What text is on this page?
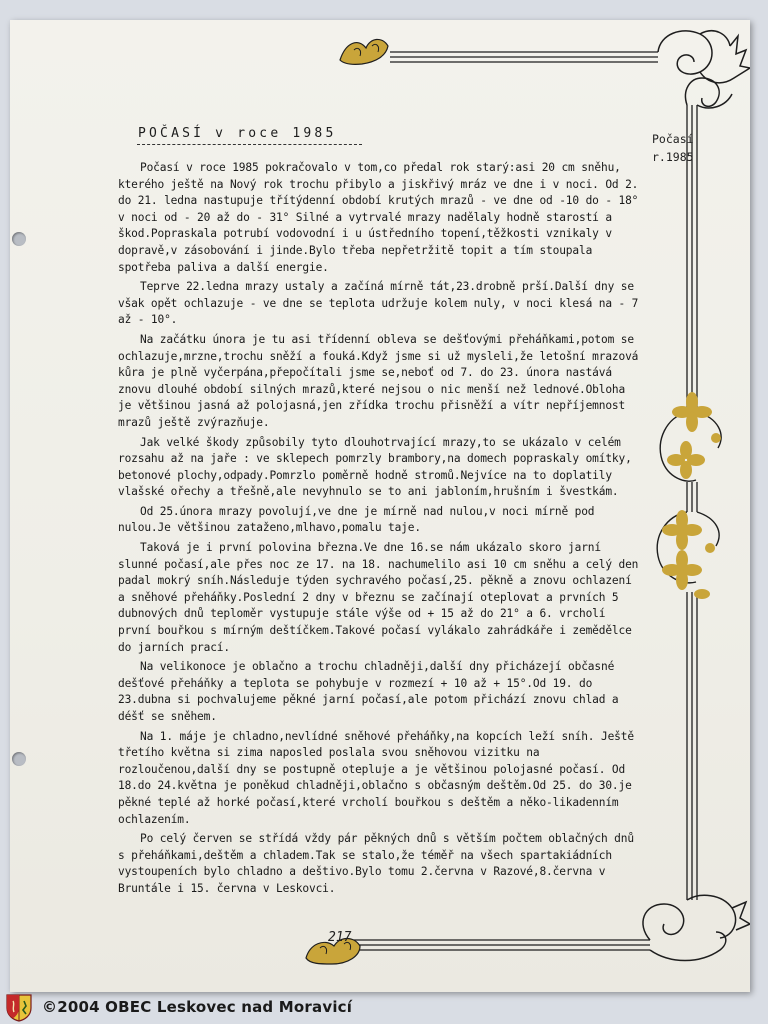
POČASÍ v roce 1985	Počasí
r.1985

Počasí v roce 1985 pokračovalo v tom,co předal rok starý:asi 20 cm sněhu, kterého ještě na Nový rok trochu přibylo a jiskřivý mráz ve dne i v noci. Od 2. do 21. ledna nastupuje třítýdenní období krutých mrazů - ve dne od -10 do - 18° v noci od - 20 až do - 31° Silné a vytrvalé mrazy nadělaly hodně starostí a škod.Popraskala potrubí vodovodní i u ústředního topení,těžkosti vznikaly v dopravě,v zásobování i jinde.Bylo třeba nepřetržitě topit a tím stoupala spotřeba paliva a další energie.

Teprve 22.ledna mrazy ustaly a začíná mírně tát,23.drobně prší.Další dny se však opět ochlazuje - ve dne se teplota udržuje kolem nuly, v noci klesá na - 7 až - 10°.

Na začátku února je tu asi třídenní obleva se dešťovými přeháňkami,potom se ochlazuje,mrzne,trochu sněží a fouká.Když jsme si už mysleli,že letošní mrazová kůra je plně vyčerpána,přepočítali jsme se,neboť od 7. do 23. února nastává znovu dlouhé období silných mrazů,které nejsou o nic menší než lednové.Obloha je většinou jasná až polojasná,jen zřídka trochu přisněží a vítr nepříjemnost mrazů ještě zvýrazňuje.

Jak velké škody způsobily tyto dlouhotrvající mrazy,to se ukázalo v celém rozsahu až na jaře : ve sklepech pomrzly brambory,na domech popraskaly omítky, betonové plochy,odpady.Pomrzlo poměrně hodně stromů.Nejvíce na to doplatily vlašské ořechy a třešně,ale nevyhnulo se to ani jabloním,hrušním i švestkám.

Od 25.února mrazy povolují,ve dne je mírně nad nulou,v noci mírně pod nulou.Je většinou zataženo,mlhavo,pomalu taje.

Taková je i první polovina března.Ve dne 16.se nám ukázalo skoro jarní slunné počasí,ale přes noc ze 17. na 18. nachumelilo asi 10 cm sněhu a celý den padal mokrý sníh.Následuje týden sychravého počasí,25. pěkně a znovu ochlazení a sněhové přeháňky.Poslední 2 dny v březnu se začínají oteplovat a prvních 5 dubnových dnů teploměr vystupuje stále výše od + 15 až do 21° a 6. vrcholí první bouřkou s mírným deštíčkem.Takové počasí vylákalo zahrádkáře i zemědělce do jarních prací.

Na velikonoce je oblačno a trochu chladněji,další dny přicházejí občasné dešťové přeháňky a teplota se pohybuje v rozmezí + 10 až + 15°.Od 19. do 23.dubna si pochvalujeme pěkné jarní počasí,ale potom přichází znovu chlad a déšť se sněhem.

Na 1. máje je chladno,nevlídné sněhové přeháňky,na kopcích leží sníh. Ještě třetího května si zima naposled poslala svou sněhovou vizitku na rozloučenou,další dny se postupně otepluje a je většinou polojasné počasí. Od 18.do 24.května je poněkud chladněji,oblačno s občasným deštěm.Od 25. do 30.je pěkné teplé až horké počasí,které vrcholí bouřkou s deštěm a něko-likadenním ochlazením.

Po celý červen se střídá vždy pár pěkných dnů s větším počtem oblačných dnů s přeháňkami,deštěm a chladem.Tak se stalo,že téměř na všech spartakiádních vystoupeních bylo chladno a deštivo.Bylo tomu 2.června v Razové,8.června v Bruntále i 15. června v Leskovci.

217
©2004 OBEC Leskovec nad Moravicí
